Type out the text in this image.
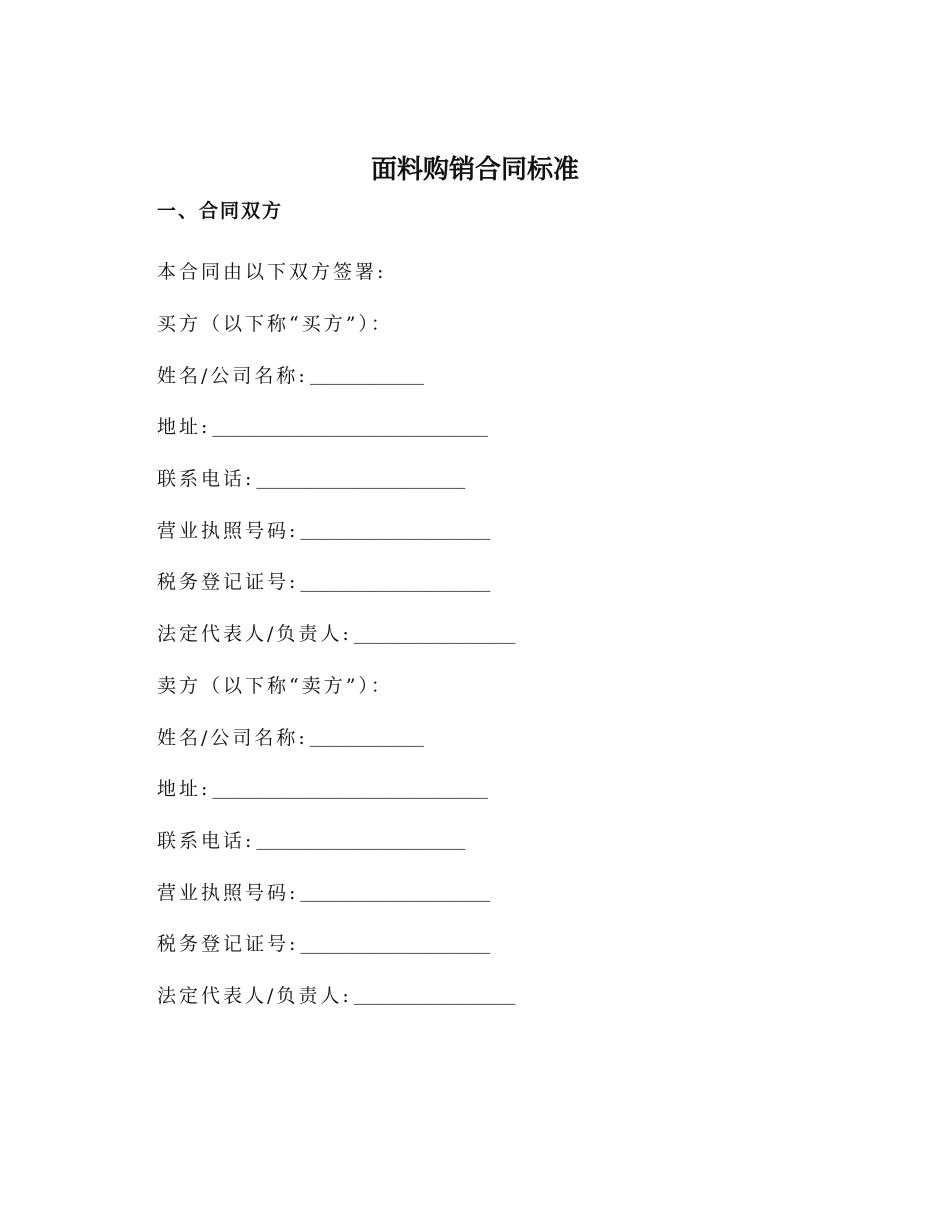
面料购销合同标准
一、合同双方
本合同由以下双方签署:
买方（以下称“买方”）：
姓名/公司名称: ____________
地址: _____________________________
联系电话: ______________________
营业执照号码: ____________________
税务登记证号: ____________________
法定代表人/负责人: _________________
卖方（以下称“卖方”）：
姓名/公司名称: ____________
地址: _____________________________
联系电话: ______________________
营业执照号码: ____________________
税务登记证号: ____________________
法定代表人/负责人: _________________
